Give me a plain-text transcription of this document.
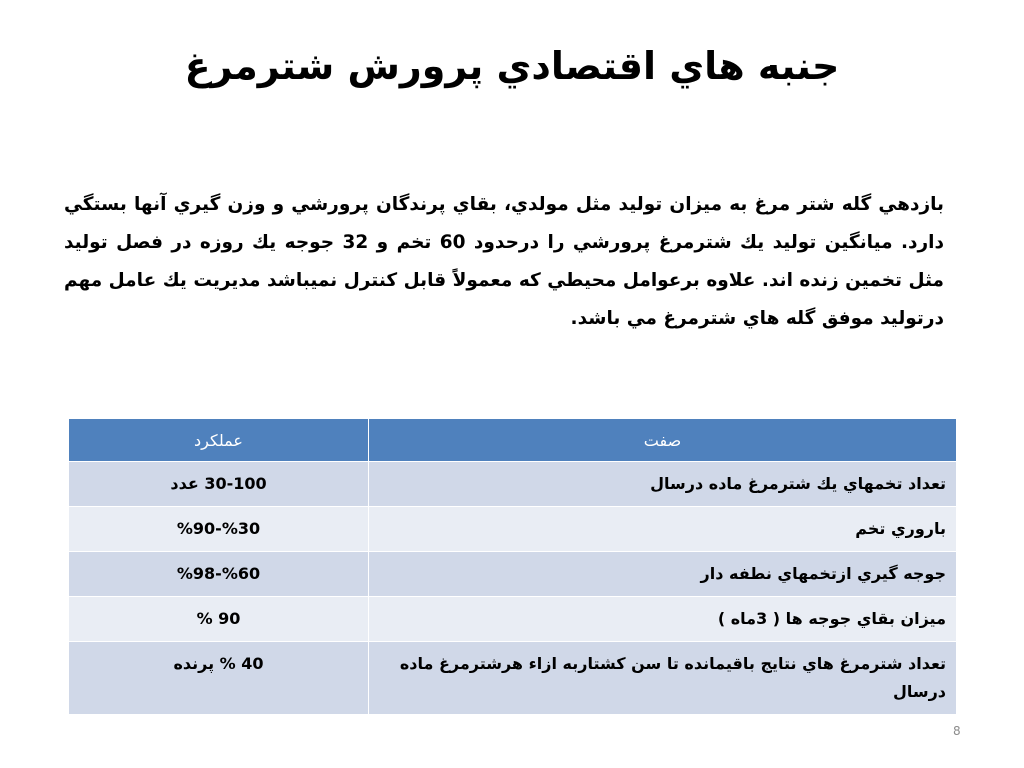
جنبه هاي اقتصادي پرورش شترمرغ
بازدهي گله شتر مرغ به ميزان توليد مثل مولدي، بقاي پرندگان پرورشي و وزن گيري آنها بستگي دارد. ميانگين توليد يك شترمرغ پرورشي را درحدود 60 تخم و 32 جوجه يك روزه در فصل توليد مثل تخمين زنده اند. علاوه برعوامل محيطي كه معمولاً قابل كنترل نميباشد مديريت يك عامل مهم درتوليد موفق گله هاي شترمرغ مي باشد.
صفت	عملكرد
تعداد تخمهاي يك شترمرغ ماده درسال	30-100 عدد
باروري تخم	%30-%90
جوجه گيري ازتخمهاي نطفه دار	%60-%98
ميزان بقاي جوجه ها ( 3ماه )	90 %
تعداد شترمرغ هاي نتايج باقيمانده تا سن كشتاربه ازاء هرشترمرغ ماده درسال	40 % پرنده
8
